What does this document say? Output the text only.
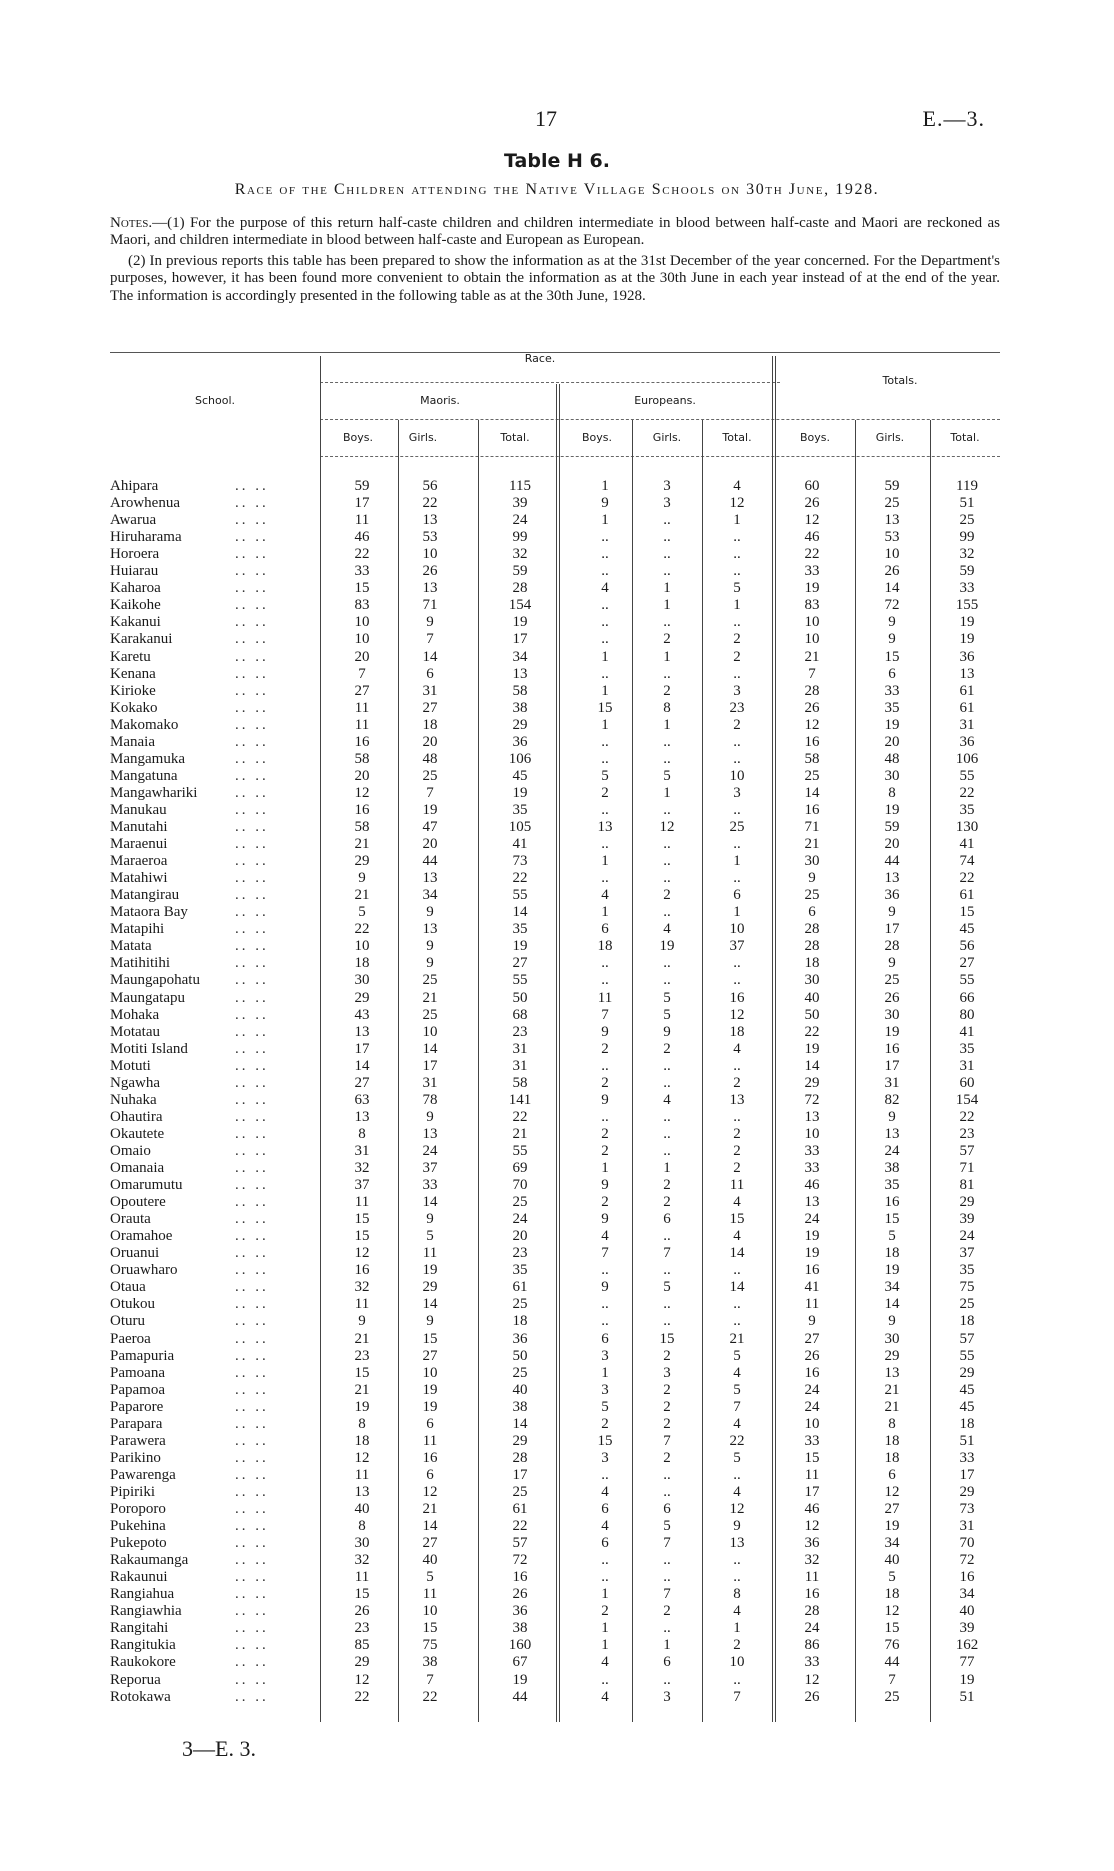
17	E.—3.
Table H 6.
Race of the Children attending the Native Village Schools on 30th June, 1928.

Notes.—(1) For the purpose of this return half-caste children and children intermediate in blood between half-caste and Maori are reckoned as Maori, and children intermediate in blood between half-caste and European as European.

(2) In previous reports this table has been prepared to show the information as at the 31st December of the year concerned. For the Department's purposes, however, it has been found more convenient to obtain the information as at the 30th June in each year instead of at the end of the year. The information is accordingly presented in the following table as at the 30th June, 1928.

School.
Race.
Maoris.	Europeans.
Totals.
Boys.	Girls.	Total.	Boys.	Girls.	Total.	Boys.	Girls.	Total.
Ahipara	.. ..	59	56	115	1	3	4	60	59	119
Arowhenua	.. ..	17	22	39	9	3	12	26	25	51
Awarua	.. ..	11	13	24	1	..	1	12	13	25
Hiruharama	.. ..	46	53	99	..	..	..	46	53	99
Horoera	.. ..	22	10	32	..	..	..	22	10	32
Huiarau	.. ..	33	26	59	..	..	..	33	26	59
Kaharoa	.. ..	15	13	28	4	1	5	19	14	33
Kaikohe	.. ..	83	71	154	..	1	1	83	72	155
Kakanui	.. ..	10	9	19	..	..	..	10	9	19
Karakanui	.. ..	10	7	17	..	2	2	10	9	19
Karetu	.. ..	20	14	34	1	1	2	21	15	36
Kenana	.. ..	7	6	13	..	..	..	7	6	13
Kirioke	.. ..	27	31	58	1	2	3	28	33	61
Kokako	.. ..	11	27	38	15	8	23	26	35	61
Makomako	.. ..	11	18	29	1	1	2	12	19	31
Manaia	.. ..	16	20	36	..	..	..	16	20	36
Mangamuka	.. ..	58	48	106	..	..	..	58	48	106
Mangatuna	.. ..	20	25	45	5	5	10	25	30	55
Mangawhariki	.. ..	12	7	19	2	1	3	14	8	22
Manukau	.. ..	16	19	35	..	..	..	16	19	35
Manutahi	.. ..	58	47	105	13	12	25	71	59	130
Maraenui	.. ..	21	20	41	..	..	..	21	20	41
Maraeroa	.. ..	29	44	73	1	..	1	30	44	74
Matahiwi	.. ..	9	13	22	..	..	..	9	13	22
Matangirau	.. ..	21	34	55	4	2	6	25	36	61
Mataora Bay	.. ..	5	9	14	1	..	1	6	9	15
Matapihi	.. ..	22	13	35	6	4	10	28	17	45
Matata	.. ..	10	9	19	18	19	37	28	28	56
Matihitihi	.. ..	18	9	27	..	..	..	18	9	27
Maungapohatu .. ..	30	25	55	..	..	..	30	25	55
Maungatapu	.. ..	29	21	50	11	5	16	40	26	66
Mohaka	.. ..	43	25	68	7	5	12	50	30	80
Motatau	.. ..	13	10	23	9	9	18	22	19	41
Motiti Island	.. ..	17	14	31	2	2	4	19	16	35
Motuti	.. ..	14	17	31	..	..	..	14	17	31
Ngawha	.. ..	27	31	58	2	..	2	29	31	60
Nuhaka	.. ..	63	78	141	9	4	13	72	82	154
Ohautira	.. ..	13	9	22	..	..	..	13	9	22
Okautete	.. ..	8	13	21	2	..	2	10	13	23
Omaio	.. ..	31	24	55	2	..	2	33	24	57
Omanaia	.. ..	32	37	69	1	1	2	33	38	71
Omarumutu	.. ..	37	33	70	9	2	11	46	35	81
Opoutere	.. ..	11	14	25	2	2	4	13	16	29
Orauta	.. ..	15	9	24	9	6	15	24	15	39
Oramahoe	.. ..	15	5	20	4	..	4	19	5	24
Oruanui	.. ..	12	11	23	7	7	14	19	18	37
Oruawharo	.. ..	16	19	35	..	..	..	16	19	35
Otaua	.. ..	32	29	61	9	5	14	41	34	75
Otukou	.. ..	11	14	25	..	..	..	11	14	25
Oturu	.. ..	9	9	18	..	..	..	9	9	18
Paeroa	.. ..	21	15	36	6	15	21	27	30	57
Pamapuria	.. ..	23	27	50	3	2	5	26	29	55
Pamoana	.. ..	15	10	25	1	3	4	16	13	29
Papamoa	.. ..	21	19	40	3	2	5	24	21	45
Paparore	.. ..	19	19	38	5	2	7	24	21	45
Parapara	.. ..	8	6	14	2	2	4	10	8	18
Parawera	.. ..	18	11	29	15	7	22	33	18	51
Parikino	.. ..	12	16	28	3	2	5	15	18	33
Pawarenga	.. ..	11	6	17	..	..	..	11	6	17
Pipiriki	.. ..	13	12	25	4	..	4	17	12	29
Poroporo	.. ..	40	21	61	6	6	12	46	27	73
Pukehina	.. ..	8	14	22	4	5	9	12	19	31
Pukepoto	.. ..	30	27	57	6	7	13	36	34	70
Rakaumanga	.. ..	32	40	72	..	..	..	32	40	72
Rakaunui	.. ..	11	5	16	..	..	..	11	5	16
Rangiahua	.. ..	15	11	26	1	7	8	16	18	34
Rangiawhia	.. ..	26	10	36	2	2	4	28	12	40
Rangitahi	.. ..	23	15	38	1	..	1	24	15	39
Rangitukia	.. ..	85	75	160	1	1	2	86	76	162
Raukokore	.. ..	29	38	67	4	6	10	33	44	77
Reporua	.. ..	12	7	19	..	..	..	12	7	19
Rotokawa	.. ..	22	22	44	4	3	7	26	25	51
3—E. 3.
